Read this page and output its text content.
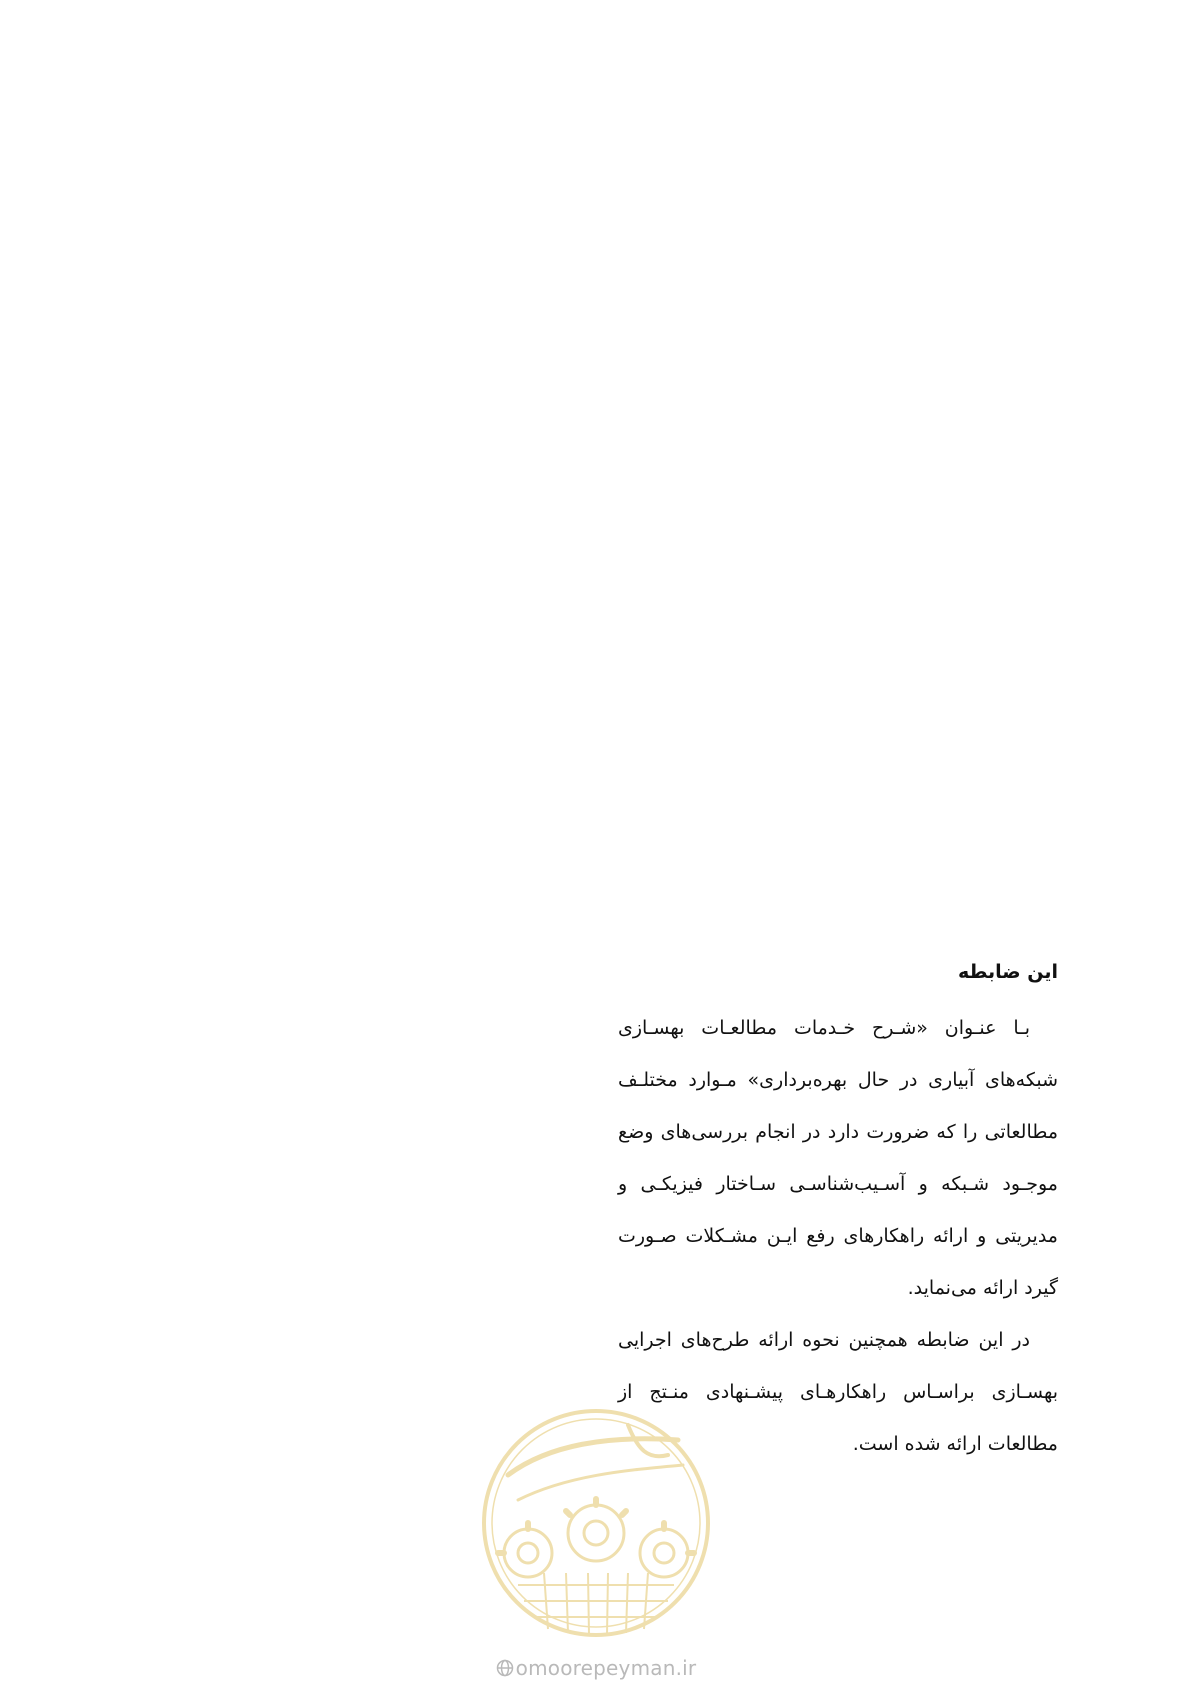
این ضابطه

بـا عنـوان «شـرح خـدمات مطالعـات بهسـازی شبکه‌های آبیاری در حال بهره‌برداری» مـوارد مختلـف مطالعاتی را که ضرورت دارد در انجام بررسی‌های وضع موجـود شـبکه و آسـیب‌شناسـی سـاختار فیزیکـی و مدیریتی و ارائه راهکارهای رفع ایـن مشـکلات صـورت گیرد ارائه می‌نماید.

در این ضابطه همچنین نحوه ارائه طرح‌های اجرایی بهسـازی براسـاس راهکارهـای پیشـنهادی منـتج از مطالعات ارائه شده است.

omoorepeyman.ir
